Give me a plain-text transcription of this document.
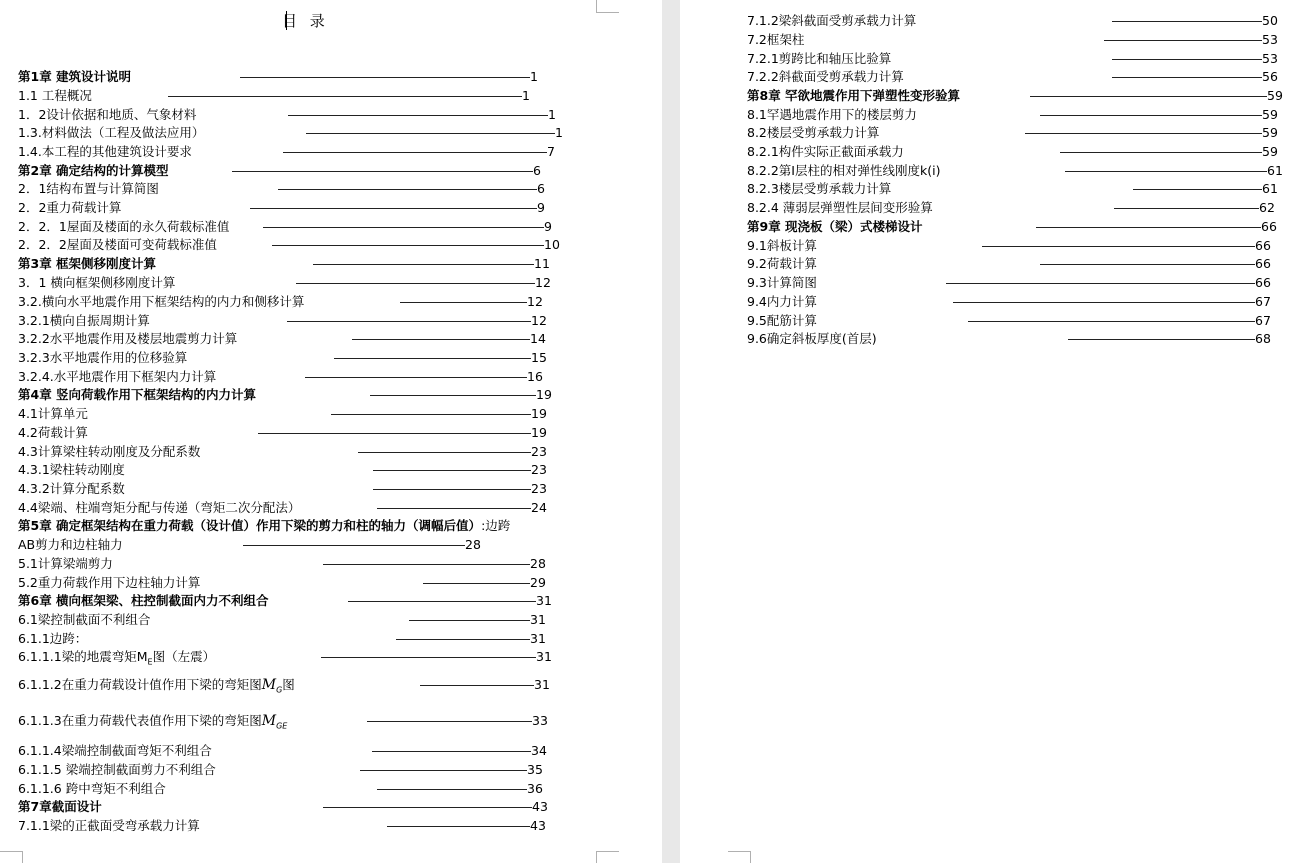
目 录
第1章 建筑设计说明	1
1.1 工程概况	1
1．2设计依据和地质、气象材料	1
1.3.材料做法（工程及做法应用）	1
1.4.本工程的其他建筑设计要求	7
第2章 确定结构的计算模型	6
2．1结构布置与计算简图	6
2．2重力荷载计算	9
2．2．1屋面及楼面的永久荷载标准值	9
2．2．2屋面及楼面可变荷载标准值	10
第3章 框架侧移刚度计算	11
3．1 横向框架侧移刚度计算	12
3.2.横向水平地震作用下框架结构的内力和侧移计算	12
3.2.1横向自振周期计算	12
3.2.2水平地震作用及楼层地震剪力计算	14
3.2.3水平地震作用的位移验算	15
3.2.4.水平地震作用下框架内力计算	16
第4章 竖向荷载作用下框架结构的内力计算	19
4.1计算单元	19
4.2荷载计算	19
4.3计算梁柱转动刚度及分配系数	23
4.3.1梁柱转动刚度	23
4.3.2计算分配系数	23
4.4梁端、柱端弯矩分配与传递（弯矩二次分配法）	24
第5章 确定框架结构在重力荷载（设计值）作用下梁的剪力和柱的轴力（调幅后值）:边跨
AB剪力和边柱轴力	28
5.1计算梁端剪力	28
5.2重力荷载作用下边柱轴力计算	29
第6章 横向框架梁、柱控制截面内力不利组合	31
6.1梁控制截面不利组合	31
6.1.1边跨：	31
6.1.1.1梁的地震弯矩$M_E$图（左震）	31
6.1.1.2在重力荷载设计值作用下梁的弯矩图$M_G$图	31
6.1.1.3在重力荷载代表值作用下梁的弯矩图$M_{GE}$	33
6.1.1.4梁端控制截面弯矩不利组合	34
6.1.1.5 梁端控制截面剪力不利组合	35
6.1.1.6 跨中弯矩不利组合	36
第7章截面设计	43
7.1.1梁的正截面受弯承载力计算	43
7.1.2梁斜截面受剪承载力计算	50
7.2框架柱	53
7.2.1剪跨比和轴压比验算	53
7.2.2斜截面受剪承载力计算	56
第8章 罕欲地震作用下弹塑性变形验算	59
8.1罕遇地震作用下的楼层剪力	59
8.2楼层受剪承载力计算	59
8.2.1构件实际正截面承载力	59
8.2.2第I层柱的相对弹性线刚度k(i)	61
8.2.3楼层受剪承载力计算	61
8.2.4 薄弱层弹塑性层间变形验算	62
第9章 现浇板（梁）式楼梯设计	66
9.1斜板计算	66
9.2荷载计算	66
9.3计算简图	66
9.4内力计算	67
9.5配筋计算	67
9.6确定斜板厚度(首层)	68
